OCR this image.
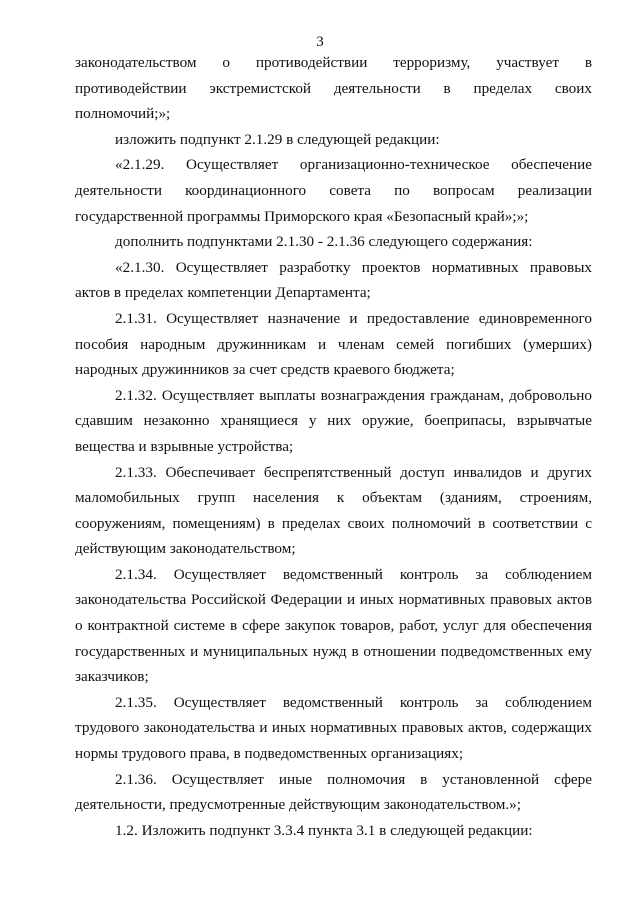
3

законодательством о противодействии терроризму, участвует в противодействии экстремистской деятельности в пределах своих полномочий;»;

изложить подпункт 2.1.29 в следующей редакции:

«2.1.29. Осуществляет организационно-техническое обеспечение деятельности координационного совета по вопросам реализации государственной программы Приморского края «Безопасный край»;»;

дополнить подпунктами 2.1.30 - 2.1.36 следующего содержания:

«2.1.30. Осуществляет разработку проектов нормативных правовых актов в пределах компетенции Департамента;

2.1.31. Осуществляет назначение и предоставление единовременного пособия народным дружинникам и членам семей погибших (умерших) народных дружинников за счет средств краевого бюджета;

2.1.32. Осуществляет выплаты вознаграждения гражданам, добровольно сдавшим незаконно хранящиеся у них оружие, боеприпасы, взрывчатые вещества и взрывные устройства;

2.1.33. Обеспечивает беспрепятственный доступ инвалидов и других маломобильных групп населения к объектам (зданиям, строениям, сооружениям, помещениям) в пределах своих полномочий в соответствии с действующим законодательством;

2.1.34. Осуществляет ведомственный контроль за соблюдением законодательства Российской Федерации и иных нормативных правовых актов о контрактной системе в сфере закупок товаров, работ, услуг для обеспечения государственных и муниципальных нужд в отношении подведомственных ему заказчиков;

2.1.35. Осуществляет ведомственный контроль за соблюдением трудового законодательства и иных нормативных правовых актов, содержащих нормы трудового права, в подведомственных организациях;

2.1.36. Осуществляет иные полномочия в установленной сфере деятельности, предусмотренные действующим законодательством.»;

1.2. Изложить подпункт 3.3.4 пункта 3.1 в следующей редакции:
